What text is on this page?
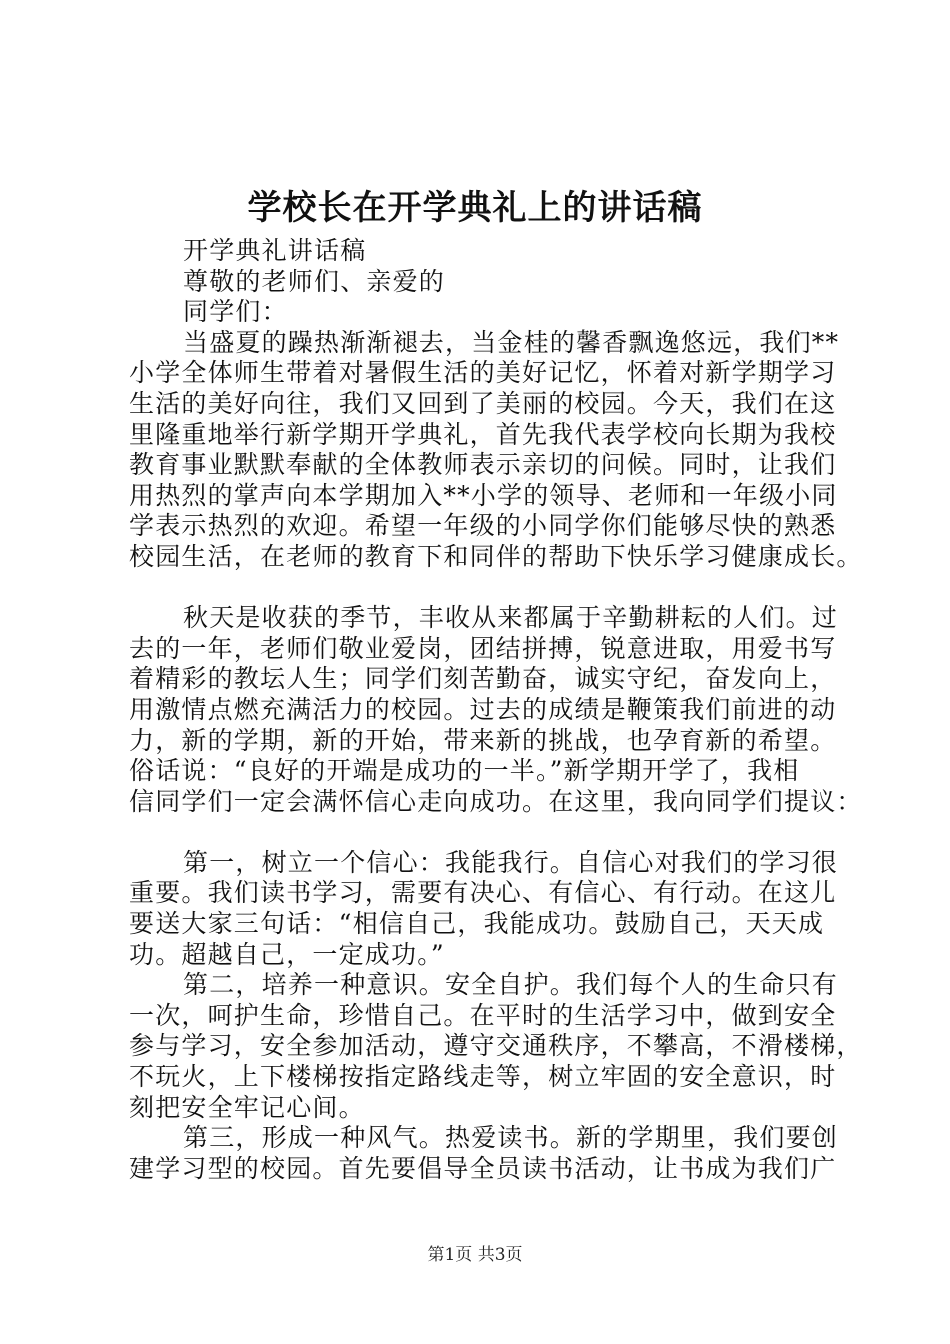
学校长在开学典礼上的讲话稿
开学典礼讲话稿
尊敬的老师们、亲爱的
同学们：
当盛夏的躁热渐渐褪去，当金桂的馨香飘逸悠远，我们**
小学全体师生带着对暑假生活的美好记忆，怀着对新学期学习
生活的美好向往，我们又回到了美丽的校园。今天，我们在这
里隆重地举行新学期开学典礼，首先我代表学校向长期为我校
教育事业默默奉献的全体教师表示亲切的问候。同时，让我们
用热烈的掌声向本学期加入**小学的领导、老师和一年级小同
学表示热烈的欢迎。希望一年级的小同学你们能够尽快的熟悉
校园生活，在老师的教育下和同伴的帮助下快乐学习健康成长。
秋天是收获的季节，丰收从来都属于辛勤耕耘的人们。过
去的一年，老师们敬业爱岗，团结拼搏，锐意进取，用爱书写
着精彩的教坛人生；同学们刻苦勤奋，诚实守纪，奋发向上，
用激情点燃充满活力的校园。过去的成绩是鞭策我们前进的动
力，新的学期，新的开始，带来新的挑战，也孕育新的希望。
俗话说：“良好的开端是成功的一半。”新学期开学了，我相
信同学们一定会满怀信心走向成功。在这里，我向同学们提议：
第一，树立一个信心：我能我行。自信心对我们的学习很
重要。我们读书学习，需要有决心、有信心、有行动。在这儿
要送大家三句话：“相信自己，我能成功。鼓励自己，天天成
功。超越自己，一定成功。”
第二，培养一种意识。安全自护。我们每个人的生命只有
一次，呵护生命，珍惜自己。在平时的生活学习中，做到安全
参与学习，安全参加活动，遵守交通秩序，不攀高，不滑楼梯，
不玩火，上下楼梯按指定路线走等，树立牢固的安全意识，时
刻把安全牢记心间。
第三，形成一种风气。热爱读书。新的学期里，我们要创
建学习型的校园。首先要倡导全员读书活动，让书成为我们广
第1页 共3页
